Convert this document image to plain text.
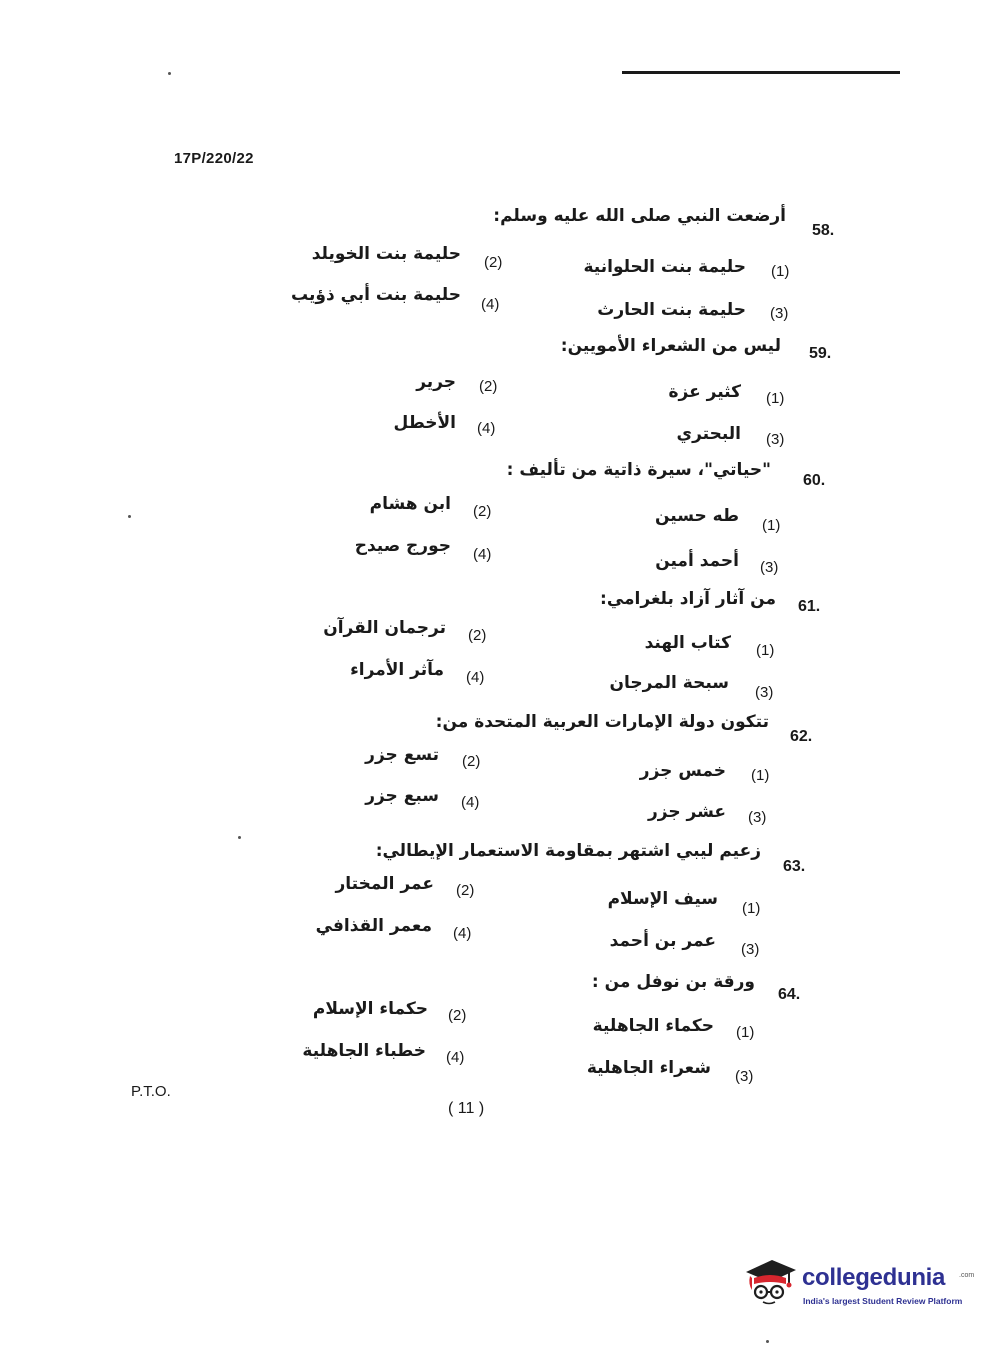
17P/220/22
أرضعت النبي صلى الله عليه وسلم:
58.
حليمة بنت الحلوانية (1)
حليمة بنت الخويلد (2)
حليمة بنت الحارث (3)
حليمة بنت أبي ذؤيب (4)
ليس من الشعراء الأمويين: 59.
كثير عزة (1)
جرير (2)
البحتري (3)
الأخطل (4)
"حياتي"، سيرة ذاتية من تأليف :
60.
طه حسين (1)
ابن هشام (2)
أحمد أمين (3)
جورج صيدح (4)
من آثار آزاد بلغرامي: 61.
كتاب الهند (1)
ترجمان القرآن (2)
سبحة المرجان (3)
مآثر الأمراء (4)
تتكون دولة الإمارات العربية المتحدة من:
62.
خمس جزر (1)
تسع جزر (2)
عشر جزر (3)
سبع جزر (4)
زعيم ليبي اشتهر بمقاومة الاستعمار الإيطالي:
63.
سيف الإسلام (1)
عمر المختار (2)
عمر بن أحمد (3)
معمر القذافي (4)
ورقة بن نوفل من :
64.
حكماء الجاهلية (1)
حكماء الإسلام (2)
شعراء الجاهلية (3)
خطباء الجاهلية (4)
P.T.O.
( 11 )
collegedunia .com
India's largest Student Review Platform
